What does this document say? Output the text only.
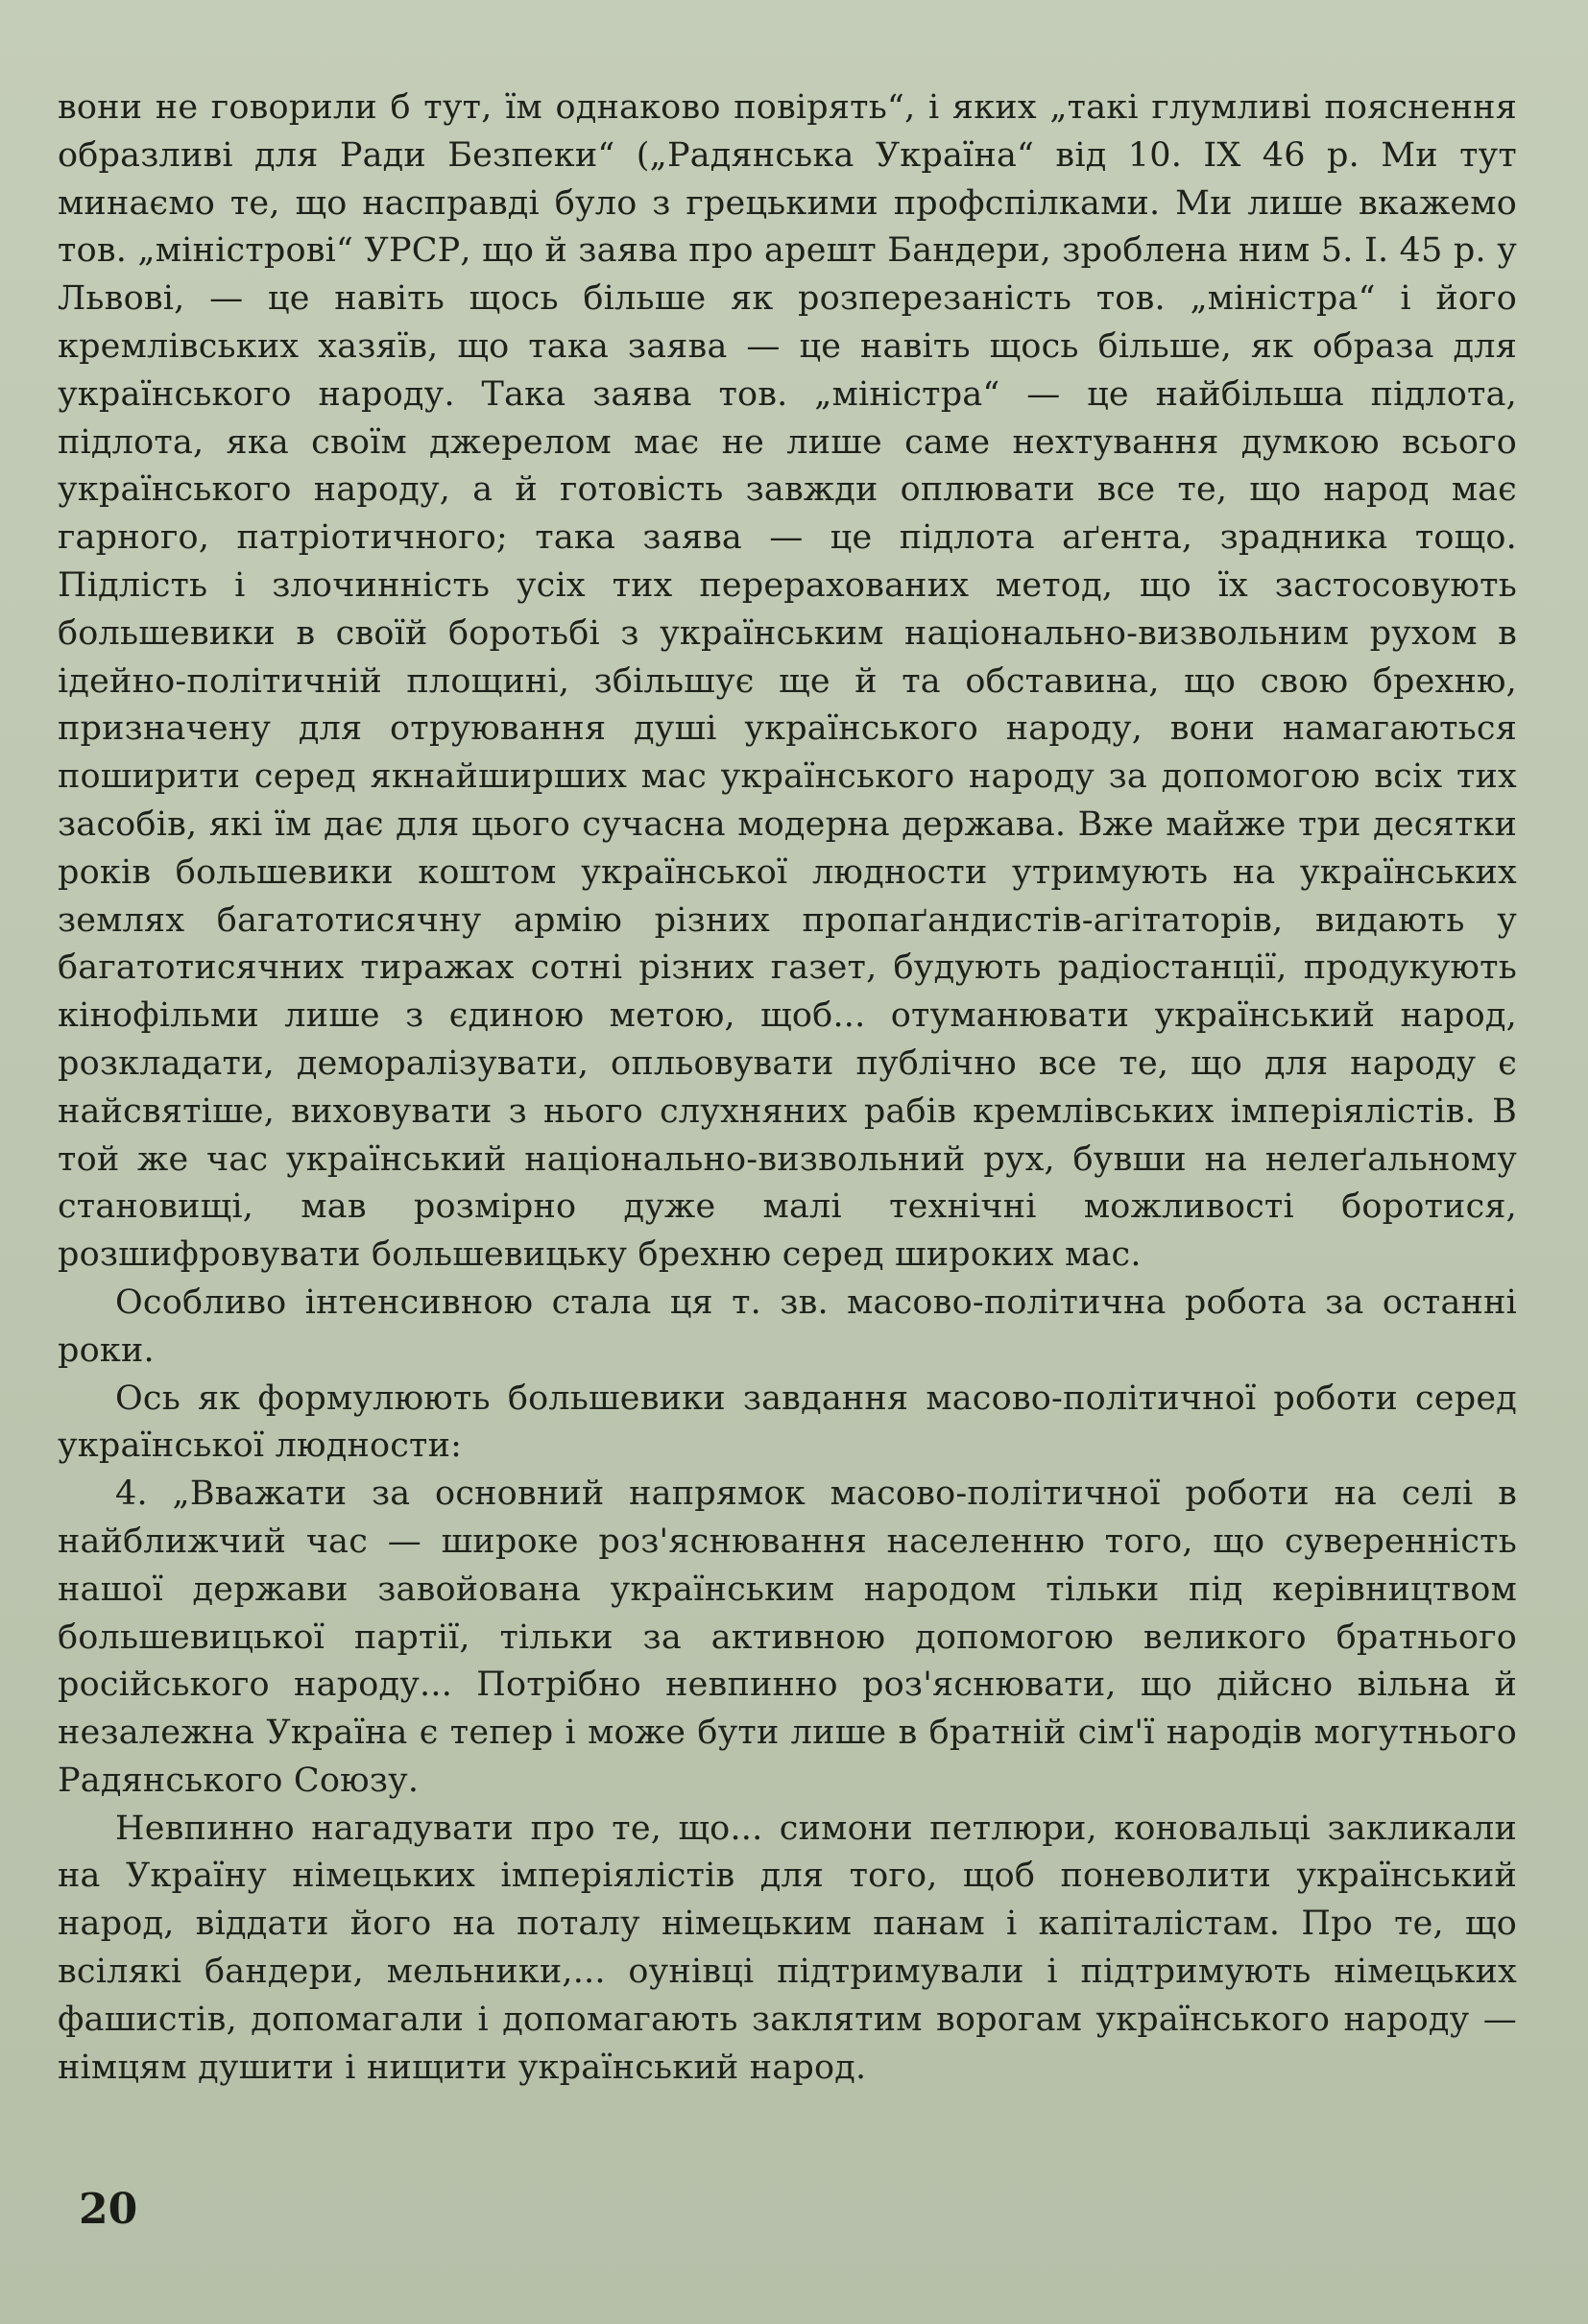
вони не говорили б тут, їм однаково повірять“, і яких „такі глумливі пояснення образливі для Ради Безпеки“ („Радянська Україна“ від 10. IX 46 р. Ми тут минаємо те, що насправді було з грецькими профспілками. Ми лише вкажемо тов. „міністрові“ УРСР, що й заява про арешт Бандери, зроблена ним 5. І. 45 р. у Львові, — це навіть щось більше як розперезаність тов. „міністра“ і його кремлівських хазяїв, що така заява — це навіть щось більше, як образа для українського народу. Така заява тов. „міністра“ — це найбільша підлота, підлота, яка своїм джерелом має не лише саме нехтування думкою всього українського народу, а й готовість завжди оплювати все те, що народ має гарного, патріотичного; така заява — це підлота аґента, зрадника тощо. Підлість і злочинність усіх тих перерахованих метод, що їх застосовують большевики в своїй боротьбі з українським національно-визвольним рухом в ідейно-політичній площині, збільшує ще й та обставина, що свою брехню, призначену для отруювання душі українського народу, вони намагаються поширити серед якнайширших мас українського народу за допомогою всіх тих засобів, які їм дає для цього сучасна модерна держава. Вже майже три десятки років большевики коштом української людности утримують на українських землях багатотисячну армію різних пропаґандистів-агітаторів, видають у багатотисячних тиражах сотні різних газет, будують радіостанції, продукують кінофільми лише з єдиною метою, щоб... отуманювати український народ, розкладати, деморалізувати, опльовувати публічно все те, що для народу є найсвятіше, виховувати з нього слухняних рабів кремлівських імперіялістів. В той же час український національно-визвольний рух, бувши на нелеґальному становищі, мав розмірно дуже малі технічні можливості боротися, розшифровувати большевицьку брехню серед широких мас.

Особливо інтенсивною стала ця т. зв. масово-політична робота за останні роки.

Ось як формулюють большевики завдання масово-політичної роботи серед української людности:

4. „Вважати за основний напрямок масово-політичної роботи на селі в найближчий час — широке роз'яснювання населенню того, що суверенність нашої держави завойована українським народом тільки під керівництвом большевицької партії, тільки за активною допомогою великого братнього російського народу... Потрібно невпинно роз'яснювати, що дійсно вільна й незалежна Україна є тепер і може бути лише в братній сім'ї народів могутнього Радянського Союзу.

Невпинно нагадувати про те, що... симони петлюри, коновальці закликали на Україну німецьких імперіялістів для того, щоб поневолити український народ, віддати його на поталу німецьким панам і капіталістам. Про те, що всілякі бандери, мельники,... оунівці підтримували і підтримують німецьких фашистів, допомагали і допомагають заклятим ворогам українського народу — німцям душити і нищити український народ.

20
